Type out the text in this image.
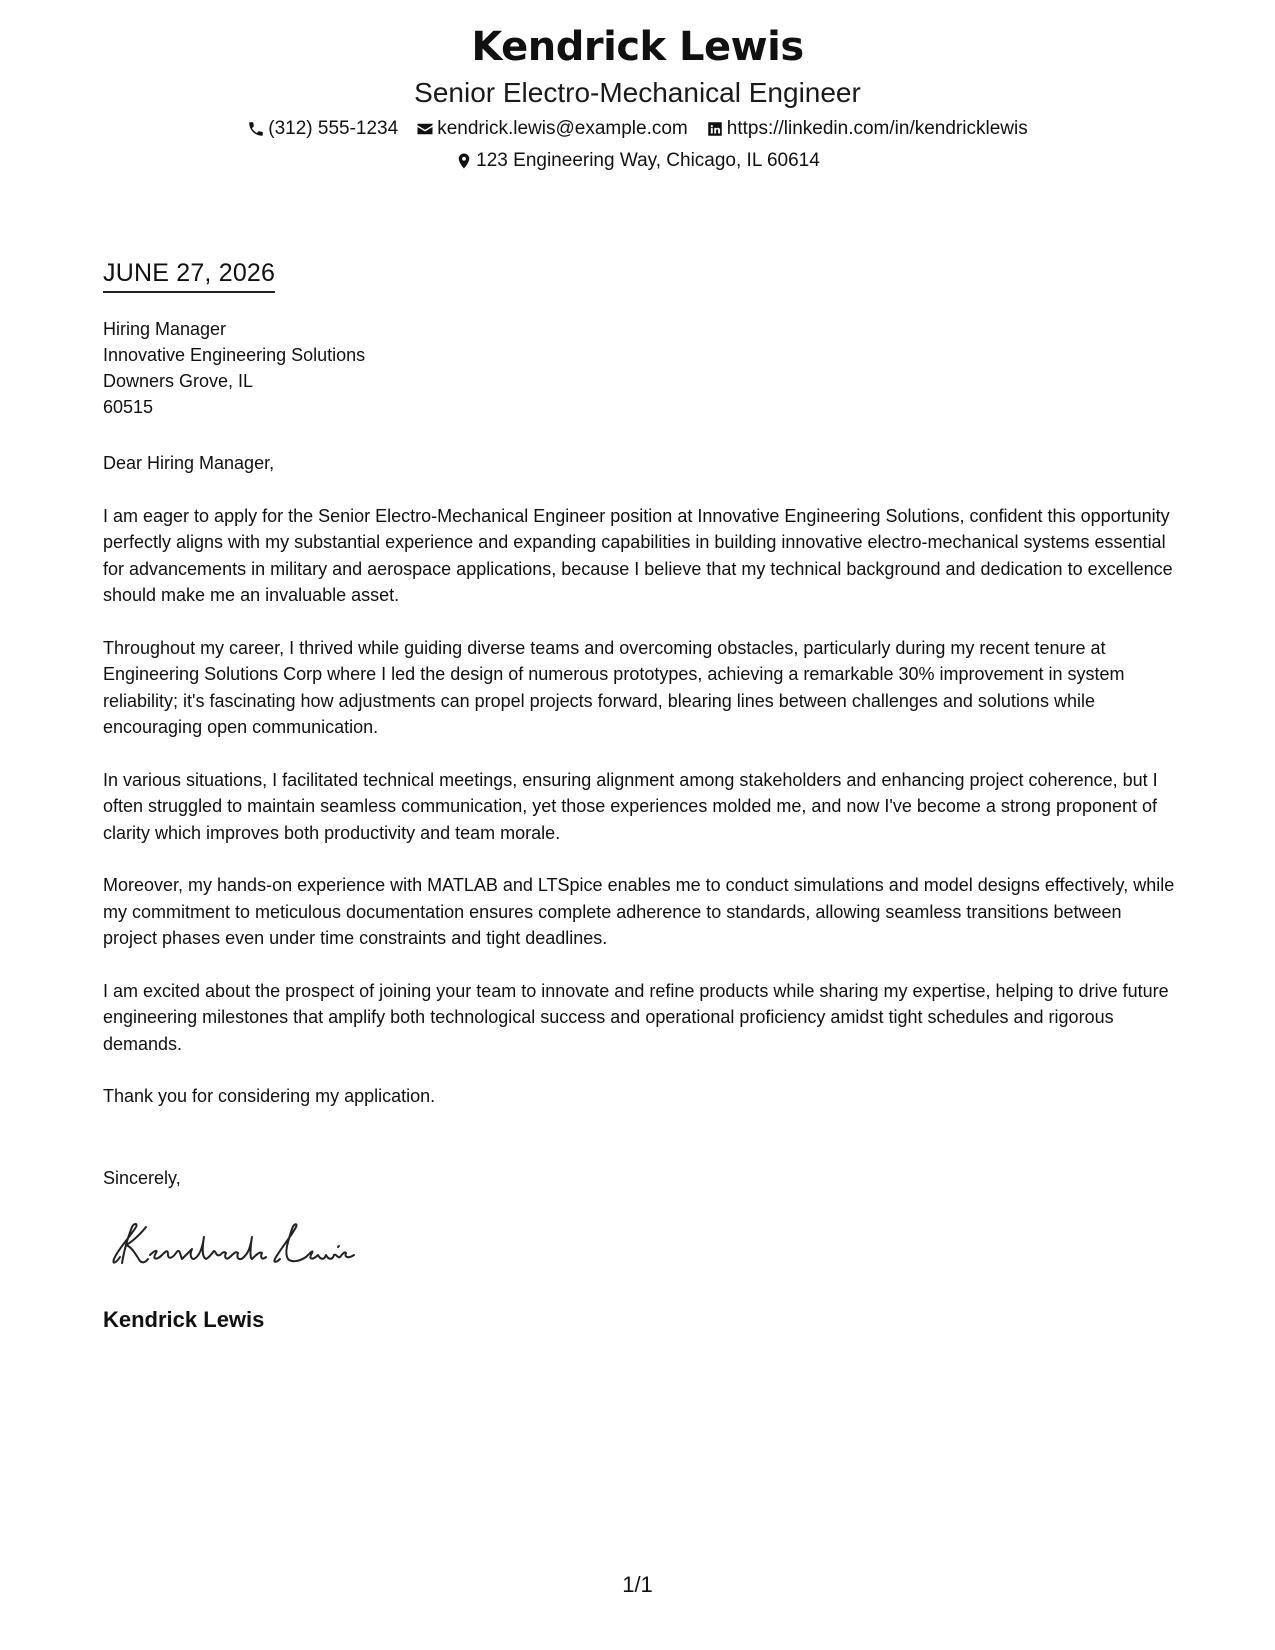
Kendrick Lewis
Senior Electro-Mechanical Engineer
(312) 555-1234 kendrick.lewis@example.com https://linkedin.com/in/kendricklewis
123 Engineering Way, Chicago, IL 60614
JUNE 27, 2026
Hiring Manager
Innovative Engineering Solutions
Downers Grove, IL
60515

Dear Hiring Manager,

I am eager to apply for the Senior Electro-Mechanical Engineer position at Innovative Engineering Solutions, confident this opportunity perfectly aligns with my substantial experience and expanding capabilities in building innovative electro-mechanical systems essential for advancements in military and aerospace applications, because I believe that my technical background and dedication to excellence should make me an invaluable asset.

Throughout my career, I thrived while guiding diverse teams and overcoming obstacles, particularly during my recent tenure at Engineering Solutions Corp where I led the design of numerous prototypes, achieving a remarkable 30% improvement in system reliability; it's fascinating how adjustments can propel projects forward, blearing lines between challenges and solutions while encouraging open communication.

In various situations, I facilitated technical meetings, ensuring alignment among stakeholders and enhancing project coherence, but I often struggled to maintain seamless communication, yet those experiences molded me, and now I've become a strong proponent of clarity which improves both productivity and team morale.

Moreover, my hands-on experience with MATLAB and LTSpice enables me to conduct simulations and model designs effectively, while my commitment to meticulous documentation ensures complete adherence to standards, allowing seamless transitions between project phases even under time constraints and tight deadlines.

I am excited about the prospect of joining your team to innovate and refine products while sharing my expertise, helping to drive future engineering milestones that amplify both technological success and operational proficiency amidst tight schedules and rigorous demands.

Thank you for considering my application.

Sincerely,
Kendrick Lewis
1/1
